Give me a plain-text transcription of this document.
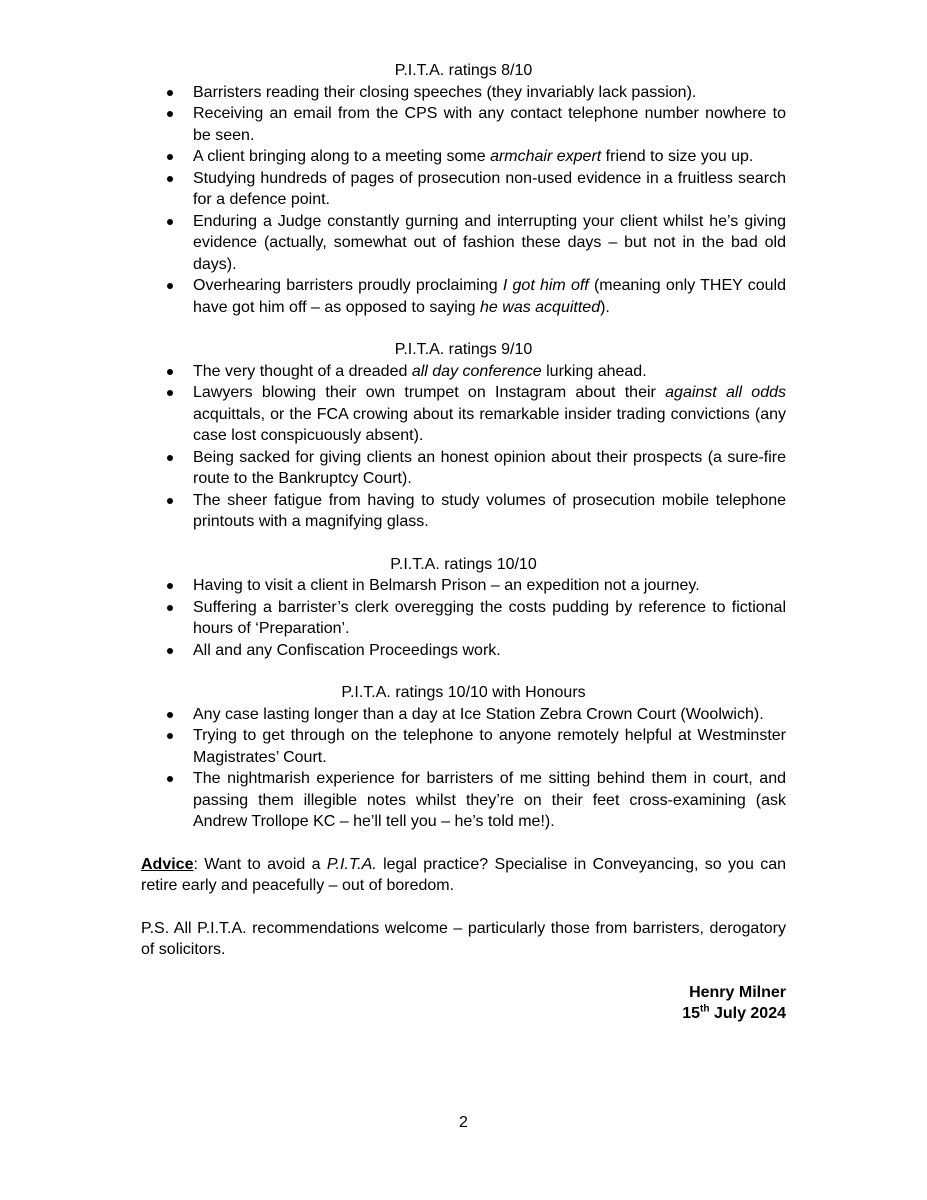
P.I.T.A. ratings 8/10

Barristers reading their closing speeches (they invariably lack passion).
Receiving an email from the CPS with any contact telephone number nowhere to be seen.
A client bringing along to a meeting some armchair expert friend to size you up.
Studying hundreds of pages of prosecution non-used evidence in a fruitless search for a defence point.
Enduring a Judge constantly gurning and interrupting your client whilst he’s giving evidence (actually, somewhat out of fashion these days – but not in the bad old days).
Overhearing barristers proudly proclaiming I got him off (meaning only THEY could have got him off – as opposed to saying he was acquitted).

P.I.T.A. ratings 9/10

The very thought of a dreaded all day conference lurking ahead.
Lawyers blowing their own trumpet on Instagram about their against all odds acquittals, or the FCA crowing about its remarkable insider trading convictions (any case lost conspicuously absent).
Being sacked for giving clients an honest opinion about their prospects (a sure-fire route to the Bankruptcy Court).
The sheer fatigue from having to study volumes of prosecution mobile telephone printouts with a magnifying glass.

P.I.T.A. ratings 10/10

Having to visit a client in Belmarsh Prison – an expedition not a journey.
Suffering a barrister’s clerk overegging the costs pudding by reference to fictional hours of ‘Preparation’.
All and any Confiscation Proceedings work.

P.I.T.A. ratings 10/10 with Honours

Any case lasting longer than a day at Ice Station Zebra Crown Court (Woolwich).
Trying to get through on the telephone to anyone remotely helpful at Westminster Magistrates’ Court.
The nightmarish experience for barristers of me sitting behind them in court, and passing them illegible notes whilst they’re on their feet cross-examining (ask Andrew Trollope KC – he’ll tell you – he’s told me!).

Advice: Want to avoid a P.I.T.A. legal practice? Specialise in Conveyancing, so you can retire early and peacefully – out of boredom.

P.S. All P.I.T.A. recommendations welcome – particularly those from barristers, derogatory of solicitors.

Henry Milner
15th July 2024
2
